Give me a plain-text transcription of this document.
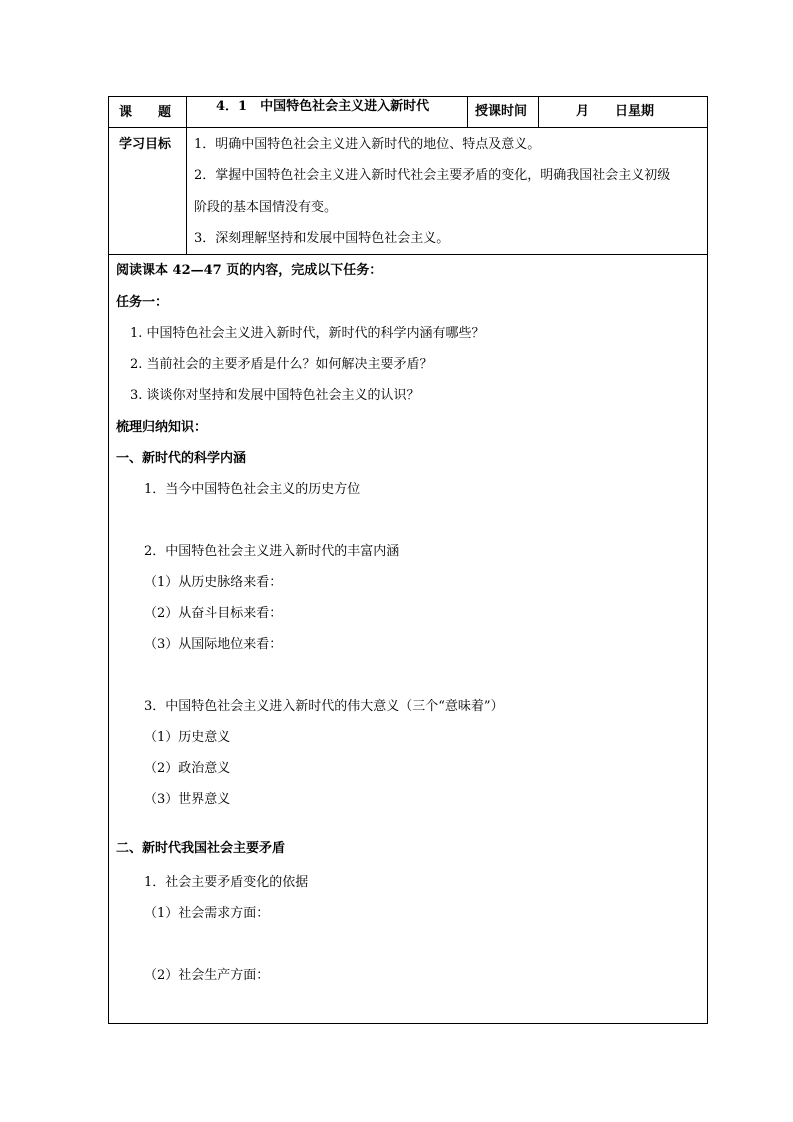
课　　题	4．1　中国特色社会主义进入新时代	授课时间	月　　日星期
学习目标 1．明确中国特色社会主义进入新时代的地位、特点及意义。
2．掌握中国特色社会主义进入新时代社会主要矛盾的变化，明确我国社会主义初级
阶段的基本国情没有变。
3．深刻理解坚持和发展中国特色社会主义。
阅读课本 42—47 页的内容，完成以下任务：
任务一：
1. 中国特色社会主义进入新时代，新时代的科学内涵有哪些？
2. 当前社会的主要矛盾是什么？如何解决主要矛盾？
3. 谈谈你对坚持和发展中国特色社会主义的认识？
梳理归纳知识：
一、新时代的科学内涵
1．当今中国特色社会主义的历史方位
2．中国特色社会主义进入新时代的丰富内涵
（1）从历史脉络来看：
（2）从奋斗目标来看：
（3）从国际地位来看：
3．中国特色社会主义进入新时代的伟大意义（三个“意味着”）
（1）历史意义
（2）政治意义
（3）世界意义
二、新时代我国社会主要矛盾
1．社会主要矛盾变化的依据
（1）社会需求方面：
（2）社会生产方面：
